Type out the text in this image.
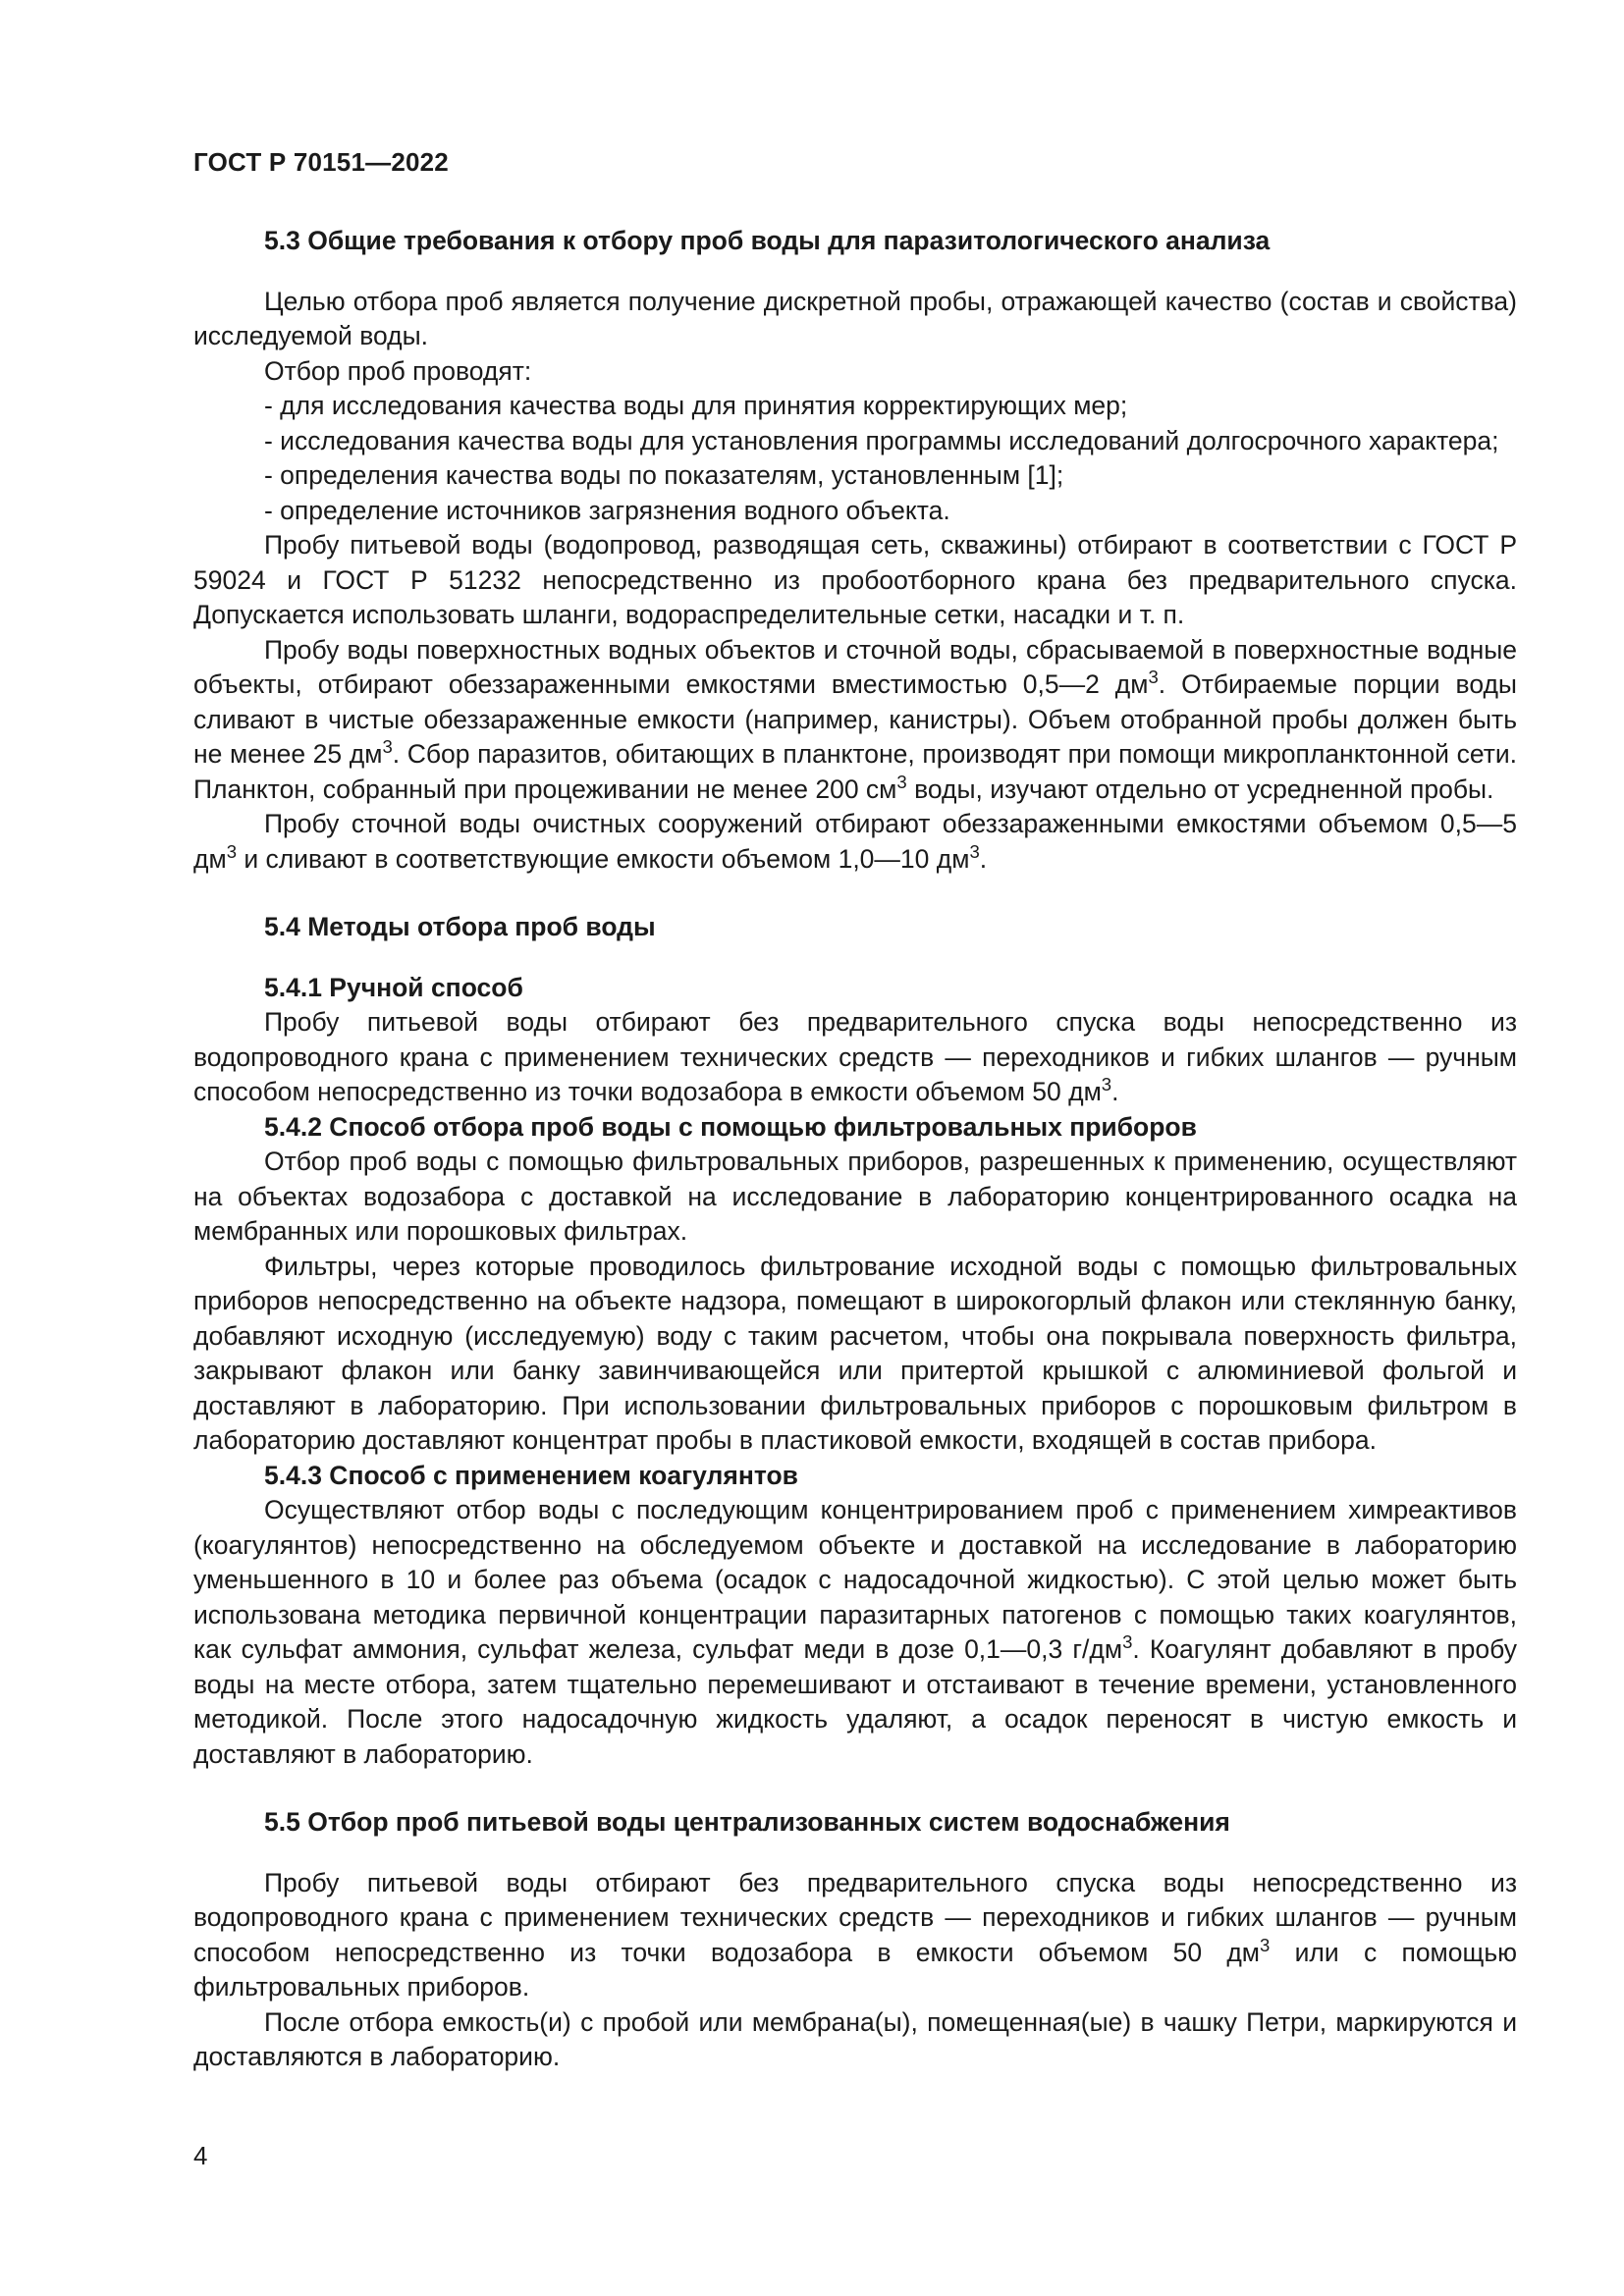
ГОСТ Р 70151—2022
5.3 Общие требования к отбору проб воды для паразитологического анализа

Целью отбора проб является получение дискретной пробы, отражающей качество (состав и свойства) исследуемой воды.

Отбор проб проводят:

- для исследования качества воды для принятия корректирующих мер;

- исследования качества воды для установления программы исследований долгосрочного характера;

- определения качества воды по показателям, установленным [1];

- определение источников загрязнения водного объекта.

Пробу питьевой воды (водопровод, разводящая сеть, скважины) отбирают в соответствии с ГОСТ Р 59024 и ГОСТ Р 51232 непосредственно из пробоотборного крана без предварительного спуска. Допускается использовать шланги, водораспределительные сетки, насадки и т. п.

Пробу воды поверхностных водных объектов и сточной воды, сбрасываемой в поверхностные водные объекты, отбирают обеззараженными емкостями вместимостью 0,5—2 $дм^3$. Отбираемые порции воды сливают в чистые обеззараженные емкости (например, канистры). Объем отобранной пробы должен быть не менее 25 $дм^3$. Сбор паразитов, обитающих в планктоне, производят при помощи микропланктонной сети. Планктон, собранный при процеживании не менее 200 $см^3$ воды, изучают отдельно от усредненной пробы.

Пробу сточной воды очистных сооружений отбирают обеззараженными емкостями объемом 0,5—5 $дм^3$ и сливают в соответствующие емкости объемом 1,0—10 $дм^3$.

5.4 Методы отбора проб воды
5.4.1 Ручной способ

Пробу питьевой воды отбирают без предварительного спуска воды непосредственно из водопроводного крана с применением технических средств — переходников и гибких шлангов — ручным способом непосредственно из точки водозабора в емкости объемом 50 $дм^3$.

5.4.2 Способ отбора проб воды с помощью фильтровальных приборов

Отбор проб воды с помощью фильтровальных приборов, разрешенных к применению, осуществляют на объектах водозабора с доставкой на исследование в лабораторию концентрированного осадка на мембранных или порошковых фильтрах.

Фильтры, через которые проводилось фильтрование исходной воды с помощью фильтровальных приборов непосредственно на объекте надзора, помещают в широкогорлый флакон или стеклянную банку, добавляют исходную (исследуемую) воду с таким расчетом, чтобы она покрывала поверхность фильтра, закрывают флакон или банку завинчивающейся или притертой крышкой с алюминиевой фольгой и доставляют в лабораторию. При использовании фильтровальных приборов с порошковым фильтром в лабораторию доставляют концентрат пробы в пластиковой емкости, входящей в состав прибора.

5.4.3 Способ с применением коагулянтов

Осуществляют отбор воды с последующим концентрированием проб с применением химреактивов (коагулянтов) непосредственно на обследуемом объекте и доставкой на исследование в лабораторию уменьшенного в 10 и более раз объема (осадок с надосадочной жидкостью). С этой целью может быть использована методика первичной концентрации паразитарных патогенов с помощью таких коагулянтов, как сульфат аммония, сульфат железа, сульфат меди в дозе 0,1—0,3 $г/дм^3$. Коагулянт добавляют в пробу воды на месте отбора, затем тщательно перемешивают и отстаивают в течение времени, установленного методикой. После этого надосадочную жидкость удаляют, а осадок переносят в чистую емкость и доставляют в лабораторию.

5.5 Отбор проб питьевой воды централизованных систем водоснабжения

Пробу питьевой воды отбирают без предварительного спуска воды непосредственно из водопроводного крана с применением технических средств — переходников и гибких шлангов — ручным способом непосредственно из точки водозабора в емкости объемом 50 $дм^3$ или с помощью фильтровальных приборов.

После отбора емкость(и) с пробой или мембрана(ы), помещенная(ые) в чашку Петри, маркируются и доставляются в лабораторию.

4
